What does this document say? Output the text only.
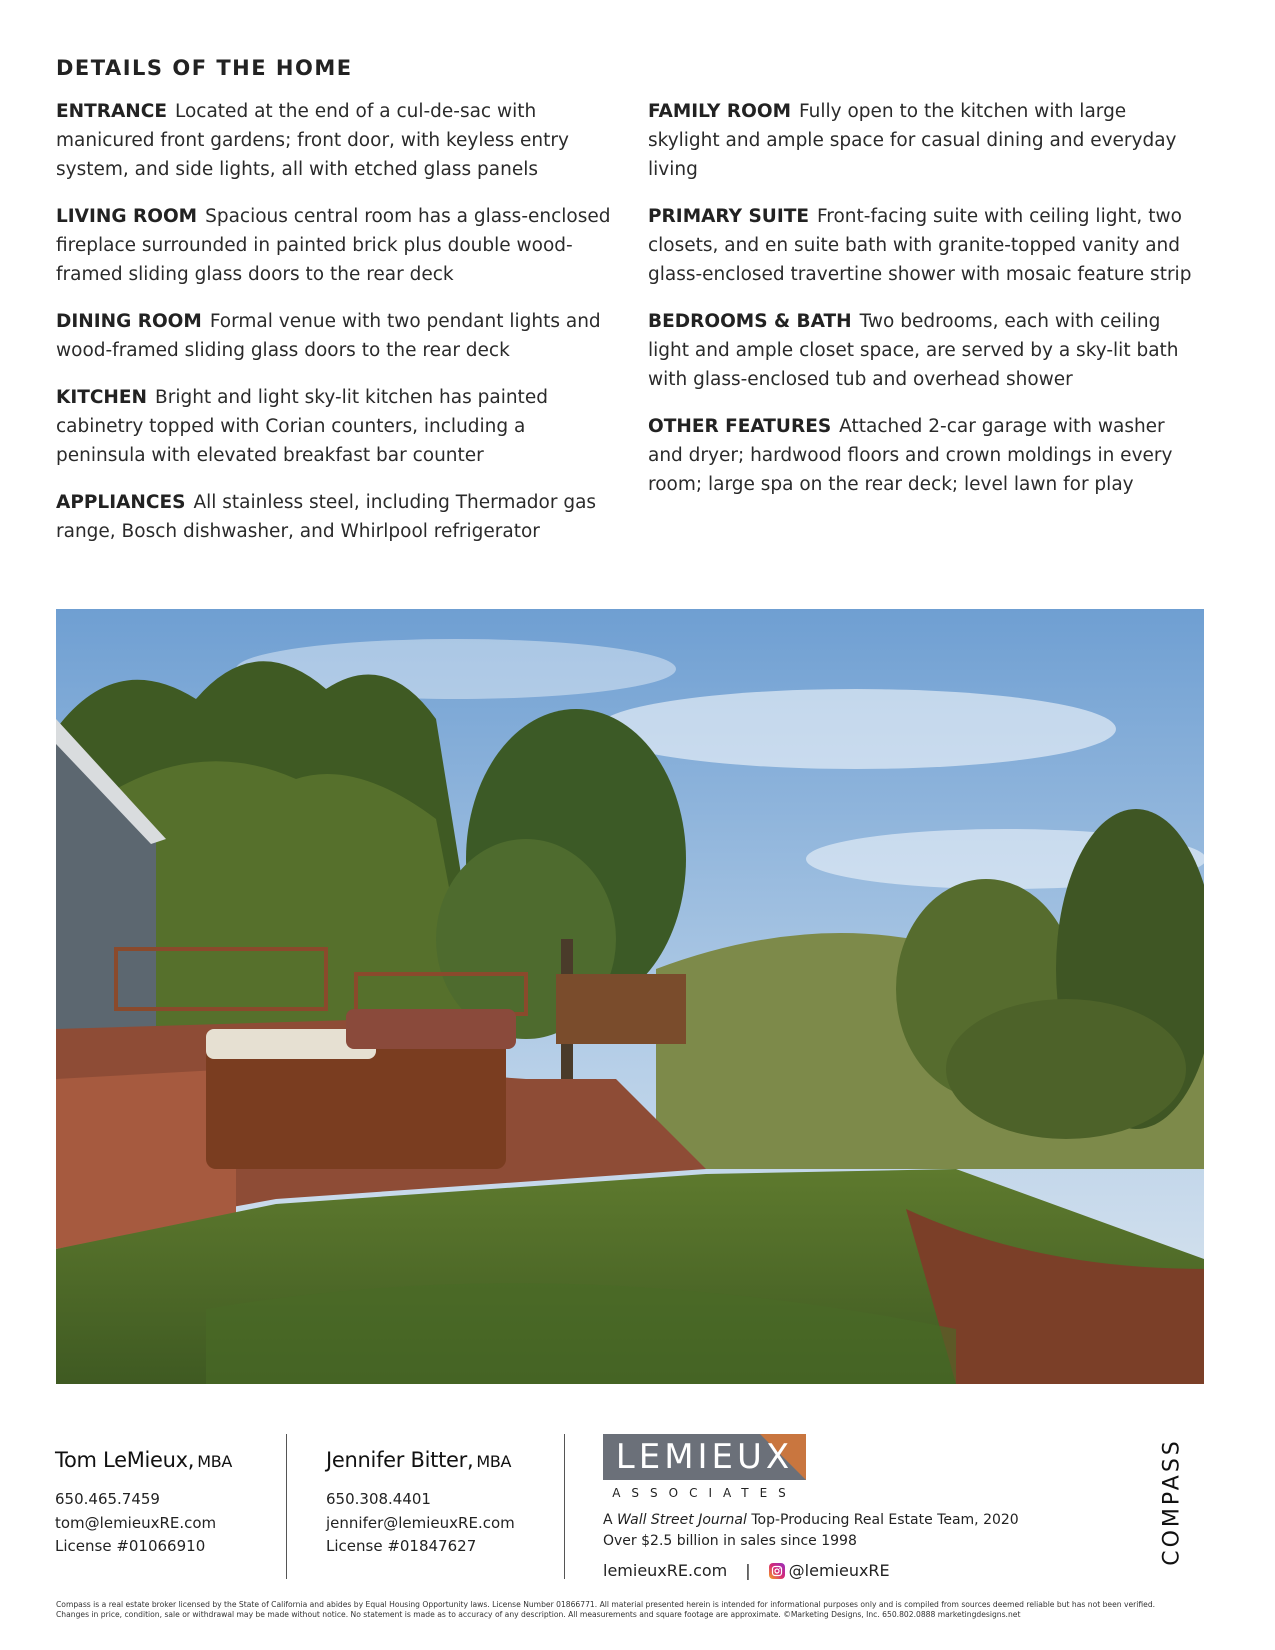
DETAILS OF THE HOME

ENTRANCE Located at the end of a cul-de-sac with manicured front gardens; front door, with keyless entry system, and side lights, all with etched glass panels

LIVING ROOM Spacious central room has a glass-enclosed fireplace surrounded in painted brick plus double wood-framed sliding glass doors to the rear deck

DINING ROOM Formal venue with two pendant lights and wood-framed sliding glass doors to the rear deck

KITCHEN Bright and light sky-lit kitchen has painted cabinetry topped with Corian counters, including a peninsula with elevated breakfast bar counter

APPLIANCES All stainless steel, including Thermador gas range, Bosch dishwasher, and Whirlpool refrigerator

FAMILY ROOM Fully open to the kitchen with large skylight and ample space for casual dining and everyday living

PRIMARY SUITE Front-facing suite with ceiling light, two closets, and en suite bath with granite-topped vanity and glass-enclosed travertine shower with mosaic feature strip

BEDROOMS & BATH Two bedrooms, each with ceiling light and ample closet space, are served by a sky-lit bath with glass-enclosed tub and overhead shower

OTHER FEATURES Attached 2-car garage with washer and dryer; hardwood floors and crown moldings in every room; large spa on the rear deck; level lawn for play

Tom LeMieux, MBA
650.465.7459
tom@lemieuxRE.com
License #01066910
Jennifer Bitter, MBA
650.308.4401
jennifer@lemieuxRE.com
License #01847627
LEMIEUX
ASSOCIATES
A Wall Street Journal Top-Producing Real Estate Team, 2020
Over $2.5 billion in sales since 1998
lemieuxRE.com | @lemieuxRE
COMPASS
Compass is a real estate broker licensed by the State of California and abides by Equal Housing Opportunity laws. License Number 01866771. All material presented herein is intended for informational purposes only and is compiled from sources deemed reliable but has not been verified. Changes in price, condition, sale or withdrawal may be made without notice. No statement is made as to accuracy of any description. All measurements and square footage are approximate. ©Marketing Designs, Inc. 650.802.0888 marketingdesigns.net
